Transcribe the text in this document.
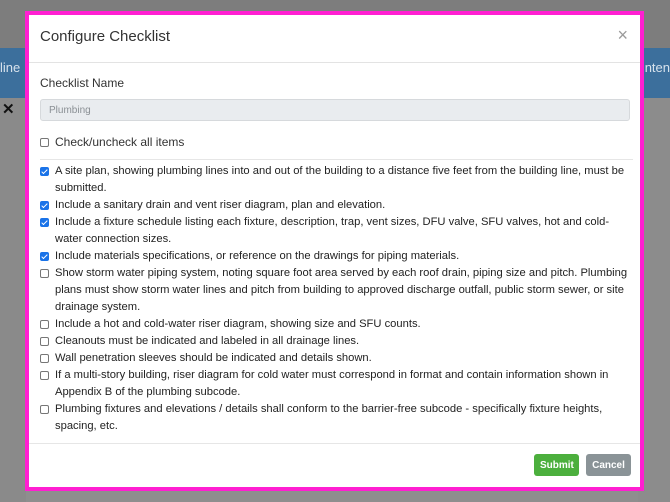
line	nten
✕
Configure Checklist	×
Checklist Name
Plumbing
Check/uncheck all items
A site plan, showing plumbing lines into and out of the building to a distance five feet from the building line, must be submitted.
Include a sanitary drain and vent riser diagram, plan and elevation.
Include a fixture schedule listing each fixture, description, trap, vent sizes, DFU valve, SFU valves, hot and cold-water connection sizes.
Include materials specifications, or reference on the drawings for piping materials.
Show storm water piping system, noting square foot area served by each roof drain, piping size and pitch. Plumbing plans must show storm water lines and pitch from building to approved discharge outfall, public storm sewer, or site drainage system.
Include a hot and cold-water riser diagram, showing size and SFU counts.
Cleanouts must be indicated and labeled in all drainage lines.
Wall penetration sleeves should be indicated and details shown.
If a multi-story building, riser diagram for cold water must correspond in format and contain information shown in Appendix B of the plumbing subcode.
Plumbing fixtures and elevations / details shall conform to the barrier-free subcode - specifically fixture heights, spacing, etc.
Submit	Cancel
